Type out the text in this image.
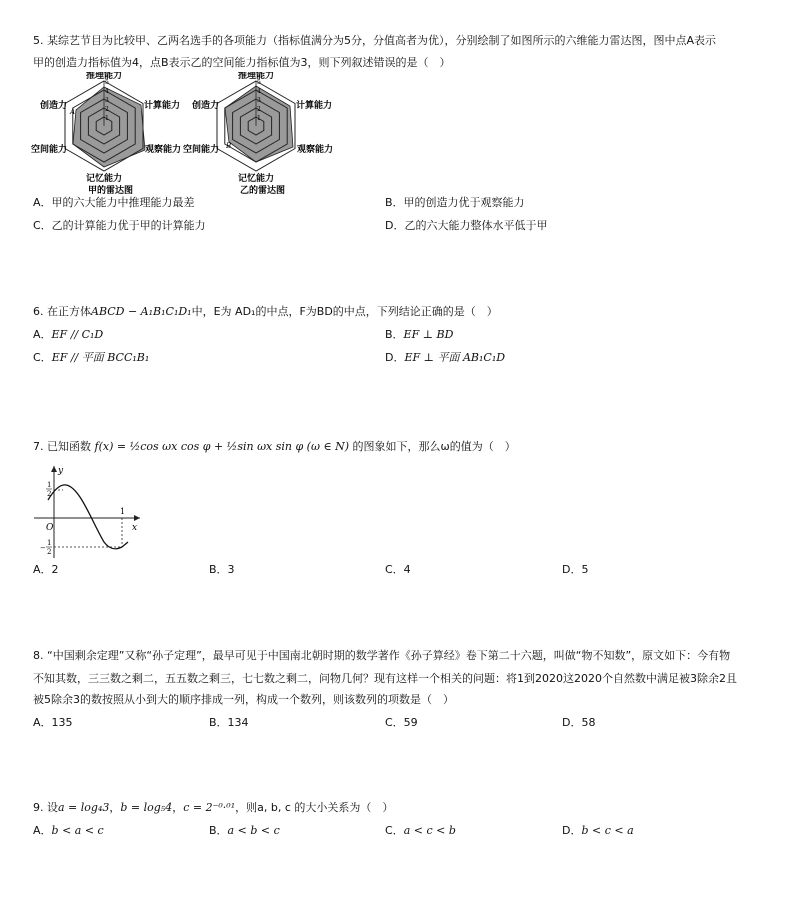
5. 某综艺节目为比较甲、乙两名选手的各项能力（指标值满分为5分，分值高者为优），分别绘制了如图所示的六维能力雷达图，图中点A表示
甲的创造力指标值为4，点B表示乙的空间能力指标值为3，则下列叙述错误的是（　）
1
2
3
4
5
A
推理能力
计算能力
观察能力
记忆能力
空间能力
创造力
甲的雷达图
1
2
3
4
5
B
推理能力
计算能力
观察能力
记忆能力
空间能力
创造力
乙的雷达图
A．甲的六大能力中推理能力最差	B．甲的创造力优于观察能力
C．乙的计算能力优于甲的计算能力	D．乙的六大能力整体水平低于甲
6. 在正方体ABCD − A₁B₁C₁D₁中，E为 AD₁的中点，F为BD的中点，下列结论正确的是（　）
A．EF // C₁D	B．EF ⊥ BD
C．EF // 平面 BCC₁B₁	D．EF ⊥ 平面 AB₁C₁D
7. 已知函数 f(x) = ½cos ωx cos φ + ½sin ωx sin φ (ω ∈ N) 的图象如下，那么ω的值为（　）
y
x
O
1
1
2
−
1
2
A．2	B．3	C．4	D．5
8. “中国剩余定理”又称“孙子定理”，最早可见于中国南北朝时期的数学著作《孙子算经》卷下第二十六题，叫做“物不知数”，原文如下：今有物
不知其数，三三数之剩二，五五数之剩三，七七数之剩二，问物几何？现有这样一个相关的问题：将1到2020这2020个自然数中满足被3除余2且
被5除余3的数按照从小到大的顺序排成一列，构成一个数列，则该数列的项数是（　）
A．135	B．134	C．59	D．58
9. 设a = log₄3，b = log₅4，c = 2⁻⁰·⁰¹，则a, b, c 的大小关系为（　）
A．b < a < c	B．a < b < c	C．a < c < b	D．b < c < a
